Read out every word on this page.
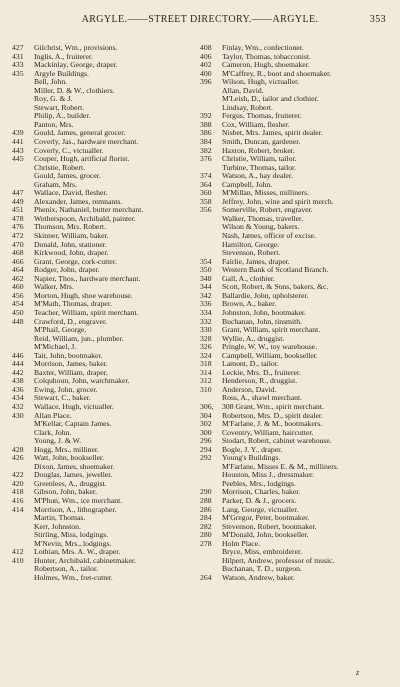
ARGYLE.——STREET DIRECTORY.——ARGYLE.	353
427	Gilchrist, Wm., provisions.
431	Inglis, A., fruiterer.
433	Mackinlay, George, draper.
435	Argyle Buildings.
Bell, John.
Miller, D. & W., clothiers.
Roy, G. & J.
Stewart, Robert.
Philip, A., builder.
Panton, Mrs.
439	Gould, James, general grocer.
441	Coverly, Jas., hardware merchant.
443	Coverly, C., victualler.
445	Couper, Hugh, artificial florist.
Christie, Robert.
Gould, James, grocer.
Graham, Mrs.
447	Wallace, David, flesher.
449	Alexander, James, remnants.
451	Phenix, Nathaniel, butter merchant.
478	Wotherspoon, Archibald, painter.
476	Thomson, Mrs. Robert.
472	Skinner, William, baker.
470	Donald, John, stationer.
468	Kirkwood, John, draper.
466	Grant, George, cork-cutter.
464	Rodger, John, draper.
462	Napier, Thos., hardware merchant.
460	Walker, Mrs.
456	Morton, Hugh, shoe warehouse.
454	M'Math, Thomas, draper.
450	Teacher, William, spirit merchant.
448	Crawford, D., engraver.
M'Phail, George.
Reid, William, jun., plumber.
M'Michael, J.
446	Tait, John, bootmaker.
444	Morrison, James, baker.
442	Baxter, William, draper.
438	Colquhoun, John, watchmaker.
436	Ewing, John, grocer.
434	Stewart, C., baker.
432	Wallace, Hugh, victualler.
430	Allan Place.
M'Kellar, Captain James.
Clark, John.
Young, J. & W.
428	Hogg, Mrs., milliner.
426	Watt, John, bookseller.
Dixon, James, shoemaker.
422	Douglas, James, jeweller.
420	Greenlees, A., druggist.
418	Gibson, John, baker.
416	M'Phun, Wm., ice merchant.
414	Morrison, A., lithographer.
Martin, Thomas.
Kerr, Johnston.
Stirling, Miss, lodgings.
M'Nevin, Mrs., lodgings.
412	Lothian, Mrs. A. W., draper.
410	Hunter, Archibald, cabinetmaker.
Robertson, A., tailor.
Holmes, Wm., fret-cutter.
408	Finlay, Wm., confectioner.
406	Taylor, Thomas, tobacconist.
402	Cameron, Hugh, shoemaker.
400	M'Caffrey, R., boot and shoemaker.
396	Wilson, Hugh, victualler.
Allan, David.
M'Leish, D., tailor and clothier.
Lindsay, Robert.
392	Fergus, Thomas, fruiterer.
388	Cox, William, flesher.
386	Nisbet, Mrs. James, spirit dealer.
384	Smith, Duncan, gardener.
382	Haxton, Robert, broker.
376	Christie, William, tailor.
Turbine, Thomas, tailor.
374	Watson, A., hay dealer.
364	Campbell, John.
360	M'Millan, Misses, milliners.
358	Jeffrey, John, wine and spirit merch.
356	Somerville, Robert, engraver.
Walker, Thomas, traveller.
Wilson & Young, bakers.
Nash, James, officer of excise.
Hamilton, George.
Stevenson, Robert.
354	Fairlie, James, draper.
350	Western Bank of Scotland Branch.
348	Gall, A., clothier.
344	Scott, Robert, & Sons, bakers, &c.
342	Ballardie, John, upholsterer.
336	Brown, A., baker.
334	Johnston, John, bootmaker.
332	Buchanan, John, tinsmith.
330	Grant, William, spirit merchant.
328	Wyllie, A., druggist.
326	Pringle, W. W., toy warehouse.
324	Campbell, William, bookseller.
318	Lamont, D., tailor.
314	Leckie, Mrs. D., fruiterer.
312	Henderson, R., druggist.
310	Anderson, David.
Ross, A., shawl merchant.
306,	308 Grant, Wm., spirit merchant.
304	Robertson, Mrs. D., spirit dealer.
302	M'Farlane, J. & M., bootmakers.
300	Coventry, William, haircutter.
296	Stodart, Robert, cabinet warehouse.
294	Bogle, J. Y., draper.
292	Young's Buildings.
M'Farlane, Misses E. & M., milliners.
Houston, Miss J., dressmaker.
Peebles, Mrs., lodgings.
290	Morrison, Charles, baker.
288	Parker, D. & J., grocers.
286	Lang, George, victualler.
284	M'Gregor, Peter, bootmaker.
282	Stevenson, Robert, bootmaker.
280	M'Donald, John, bookseller.
278	Holm Place.
Bryce, Miss, embroiderer.
Hilpert, Andrew, professor of music.
Buchanan, T. D., surgeon.
264	Watson, Andrew, baker.
z
